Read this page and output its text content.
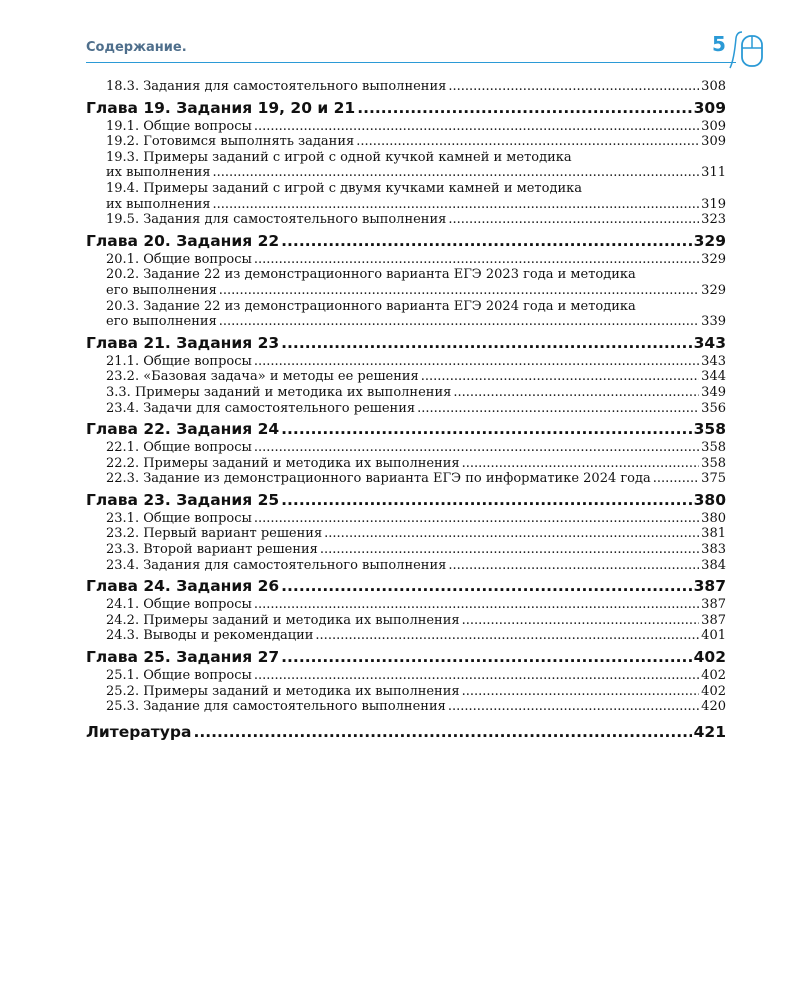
Содержание.	5
18.3. Задания для самостоятельного выполнения .....	308
Глава 19. Задания 19, 20 и 21 .....	309
19.1. Общие вопросы .....	309
19.2. Готовимся выполнять задания .....	309
19.3. Примеры заданий с игрой с одной кучкой камней и методика
их выполнения .....	311
19.4. Примеры заданий с игрой с двумя кучками камней и методика
их выполнения .....	319
19.5. Задания для самостоятельного выполнения .....	323
Глава 20. Задания 22 .....	329
20.1. Общие вопросы .....	329
20.2. Задание 22 из демонстрационного варианта ЕГЭ 2023 года и методика
его выполнения .....	329
20.3. Задание 22 из демонстрационного варианта ЕГЭ 2024 года и методика
его выполнения .....	339
Глава 21. Задания 23 .....	343
21.1. Общие вопросы .....	343
23.2. «Базовая задача» и методы ее решения .....	344
3.3. Примеры заданий и методика их выполнения .....	349
23.4. Задачи для самостоятельного решения .....	356
Глава 22. Задания 24 .....	358
22.1. Общие вопросы .....	358
22.2. Примеры заданий и методика их выполнения .....	358
22.3. Задание из демонстрационного варианта ЕГЭ по информатике 2024 года .....	375
Глава 23. Задания 25 .....	380
23.1. Общие вопросы .....	380
23.2. Первый вариант решения .....	381
23.3. Второй вариант решения .....	383
23.4. Задания для самостоятельного выполнения .....	384
Глава 24. Задания 26 .....	387
24.1. Общие вопросы .....	387
24.2. Примеры заданий и методика их выполнения .....	387
24.3. Выводы и рекомендации .....	401
Глава 25. Задания 27 .....	402
25.1. Общие вопросы .....	402
25.2. Примеры заданий и методика их выполнения .....	402
25.3. Задание для самостоятельного выполнения .....	420
Литература .....	421
